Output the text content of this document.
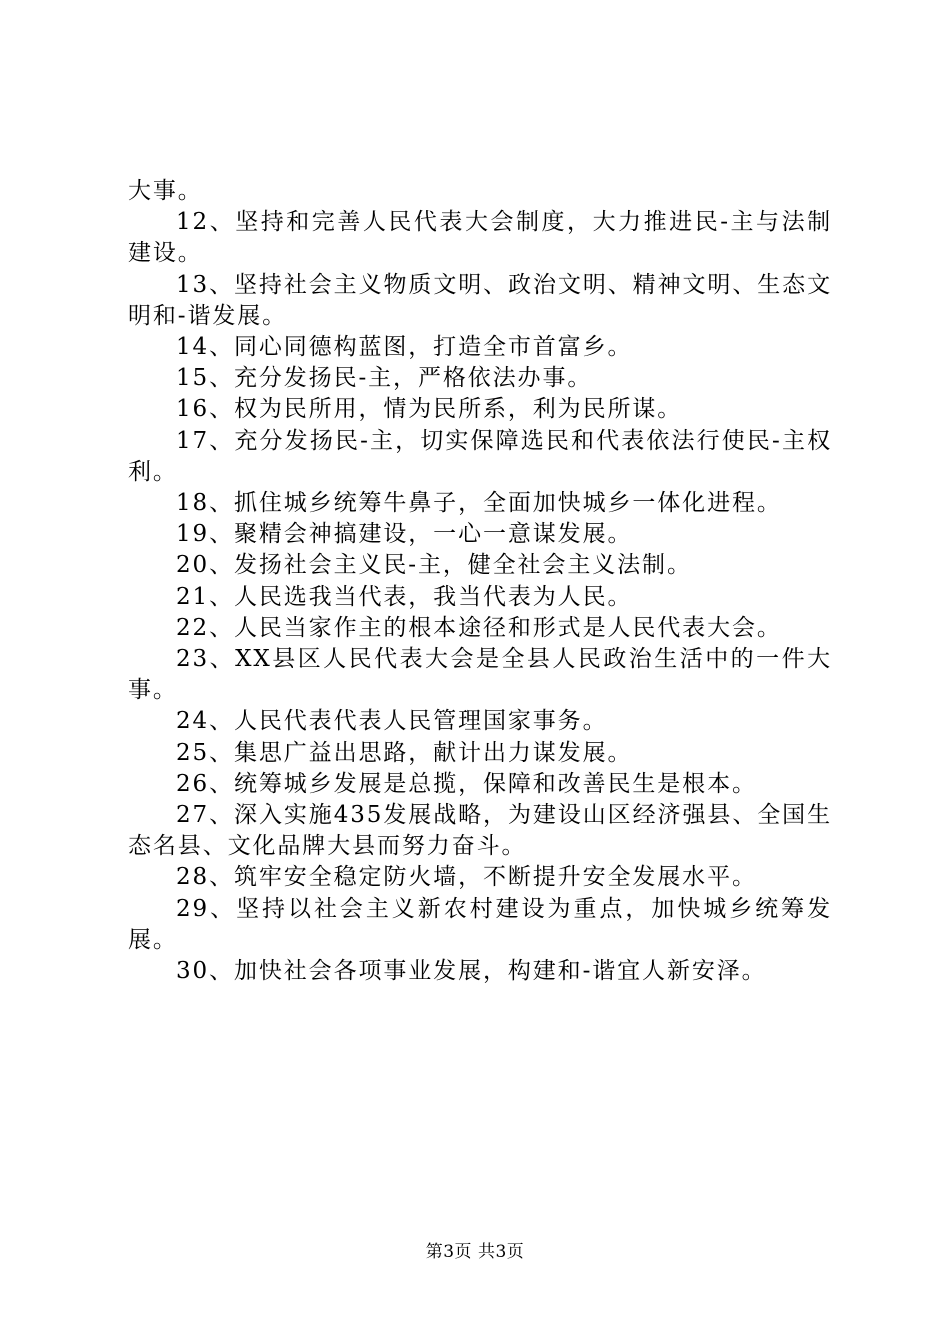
大事。

12、坚持和完善人民代表大会制度，大力推进民-主与法制建设。

13、坚持社会主义物质文明、政治文明、精神文明、生态文明和-谐发展。

14、同心同德构蓝图，打造全市首富乡。

15、充分发扬民-主，严格依法办事。

16、权为民所用，情为民所系，利为民所谋。

17、充分发扬民-主，切实保障选民和代表依法行使民-主权利。

18、抓住城乡统筹牛鼻子，全面加快城乡一体化进程。

19、聚精会神搞建设，一心一意谋发展。

20、发扬社会主义民-主，健全社会主义法制。

21、人民选我当代表，我当代表为人民。

22、人民当家作主的根本途径和形式是人民代表大会。

23、XX县区人民代表大会是全县人民政治生活中的一件大事。

24、人民代表代表人民管理国家事务。

25、集思广益出思路，献计出力谋发展。

26、统筹城乡发展是总揽，保障和改善民生是根本。

27、深入实施435发展战略，为建设山区经济强县、全国生态名县、文化品牌大县而努力奋斗。

28、筑牢安全稳定防火墙，不断提升安全发展水平。

29、坚持以社会主义新农村建设为重点，加快城乡统筹发展。

30、加快社会各项事业发展，构建和-谐宜人新安泽。

第3页 共3页
